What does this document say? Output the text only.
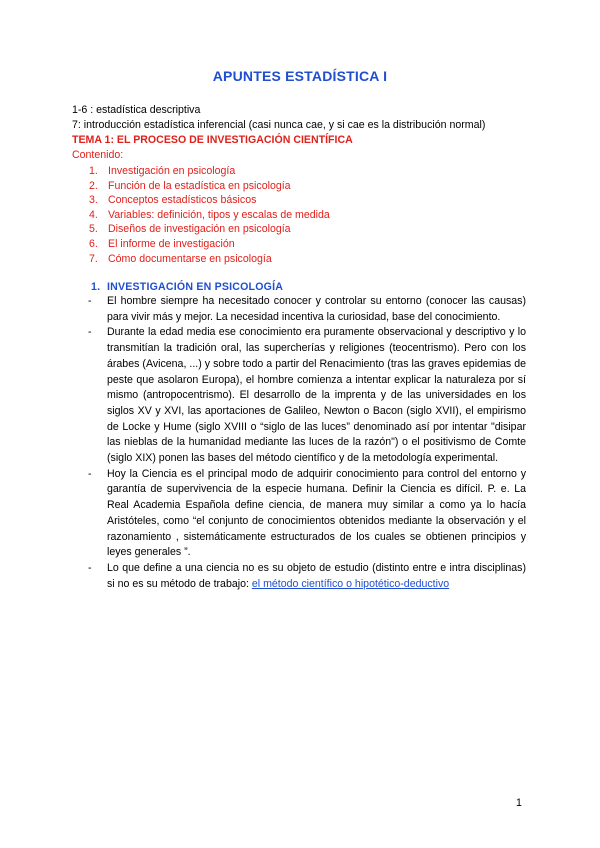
APUNTES ESTADÍSTICA I
1-6 : estadística descriptiva
7: introducción estadística inferencial (casi nunca cae, y si cae es la distribución normal)
TEMA 1: EL PROCESO DE INVESTIGACIÓN CIENTÍFICA
Contenido:
1. Investigación en psicología
2. Función de la estadística en psicología
3. Conceptos estadísticos básicos
4. Variables: definición, tipos y escalas de medida
5. Diseños de investigación en psicología
6. El informe de investigación
7. Cómo documentarse en psicología
1. INVESTIGACIÓN EN PSICOLOGÍA
- El hombre siempre ha necesitado conocer y controlar su entorno (conocer las causas) para vivir más y mejor. La necesidad incentiva la curiosidad, base del conocimiento.
- Durante la edad media ese conocimiento era puramente observacional y descriptivo y lo transmitían la tradición oral, las supercherías y religiones (teocentrismo). Pero con los árabes (Avicena, ...) y sobre todo a partir del Renacimiento (tras las graves epidemias de peste que asolaron Europa), el hombre comienza a intentar explicar la naturaleza por sí mismo (antropocentrismo). El desarrollo de la imprenta y de las universidades en los siglos XV y XVI, las aportaciones de Galileo, Newton o Bacon (siglo XVII), el empirismo de Locke y Hume (siglo XVIII o “siglo de las luces” denominado así por intentar "disipar las nieblas de la humanidad mediante las luces de la razón") o el positivismo de Comte (siglo XIX) ponen las bases del método científico y de la metodología experimental.
- Hoy la Ciencia es el principal modo de adquirir conocimiento para control del entorno y garantía de supervivencia de la especie humana. Definir la Ciencia es difícil. P. e. La Real Academia Española define ciencia, de manera muy similar a como ya lo hacía Aristóteles, como “el conjunto de conocimientos obtenidos mediante la observación y el razonamiento , sistemáticamente estructurados de los cuales se obtienen principios y leyes generales ”.
- Lo que define a una ciencia no es su objeto de estudio (distinto entre e intra disciplinas) si no es su método de trabajo: el método científico o hipotético-deductivo
1
